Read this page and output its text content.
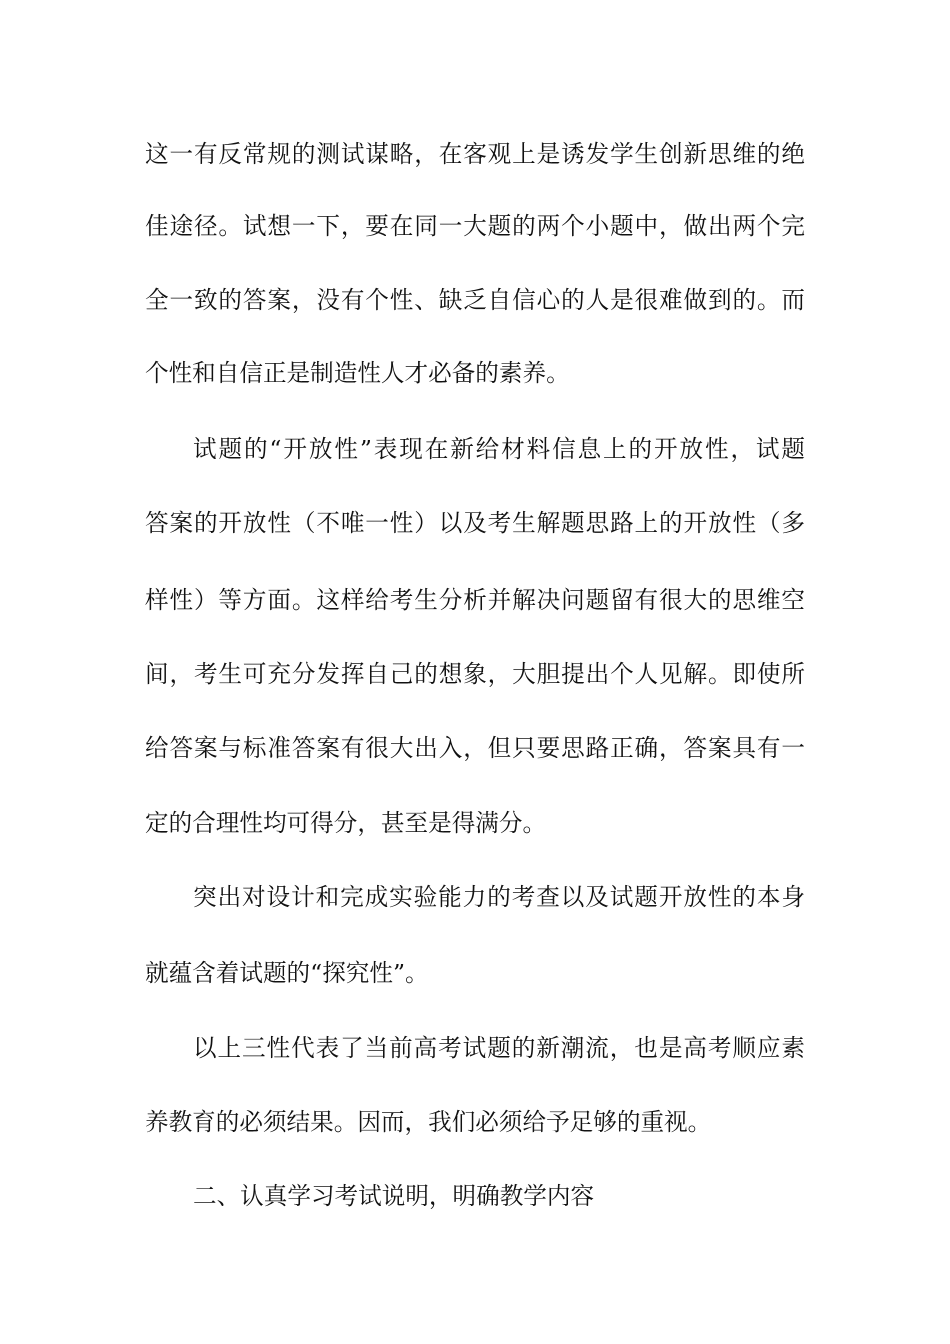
这一有反常规的测试谋略，在客观上是诱发学生创新思维的绝
佳途径。试想一下，要在同一大题的两个小题中，做出两个完
全一致的答案，没有个性、缺乏自信心的人是很难做到的。而
个性和自信正是制造性人才必备的素养。
试题的“开放性”表现在新给材料信息上的开放性，试题
答案的开放性（不唯一性）以及考生解题思路上的开放性（多
样性）等方面。这样给考生分析并解决问题留有很大的思维空
间，考生可充分发挥自己的想象，大胆提出个人见解。即使所
给答案与标准答案有很大出入，但只要思路正确，答案具有一
定的合理性均可得分，甚至是得满分。
突出对设计和完成实验能力的考查以及试题开放性的本身
就蕴含着试题的“探究性”。
以上三性代表了当前高考试题的新潮流，也是高考顺应素
养教育的必须结果。因而，我们必须给予足够的重视。
二、认真学习考试说明，明确教学内容
